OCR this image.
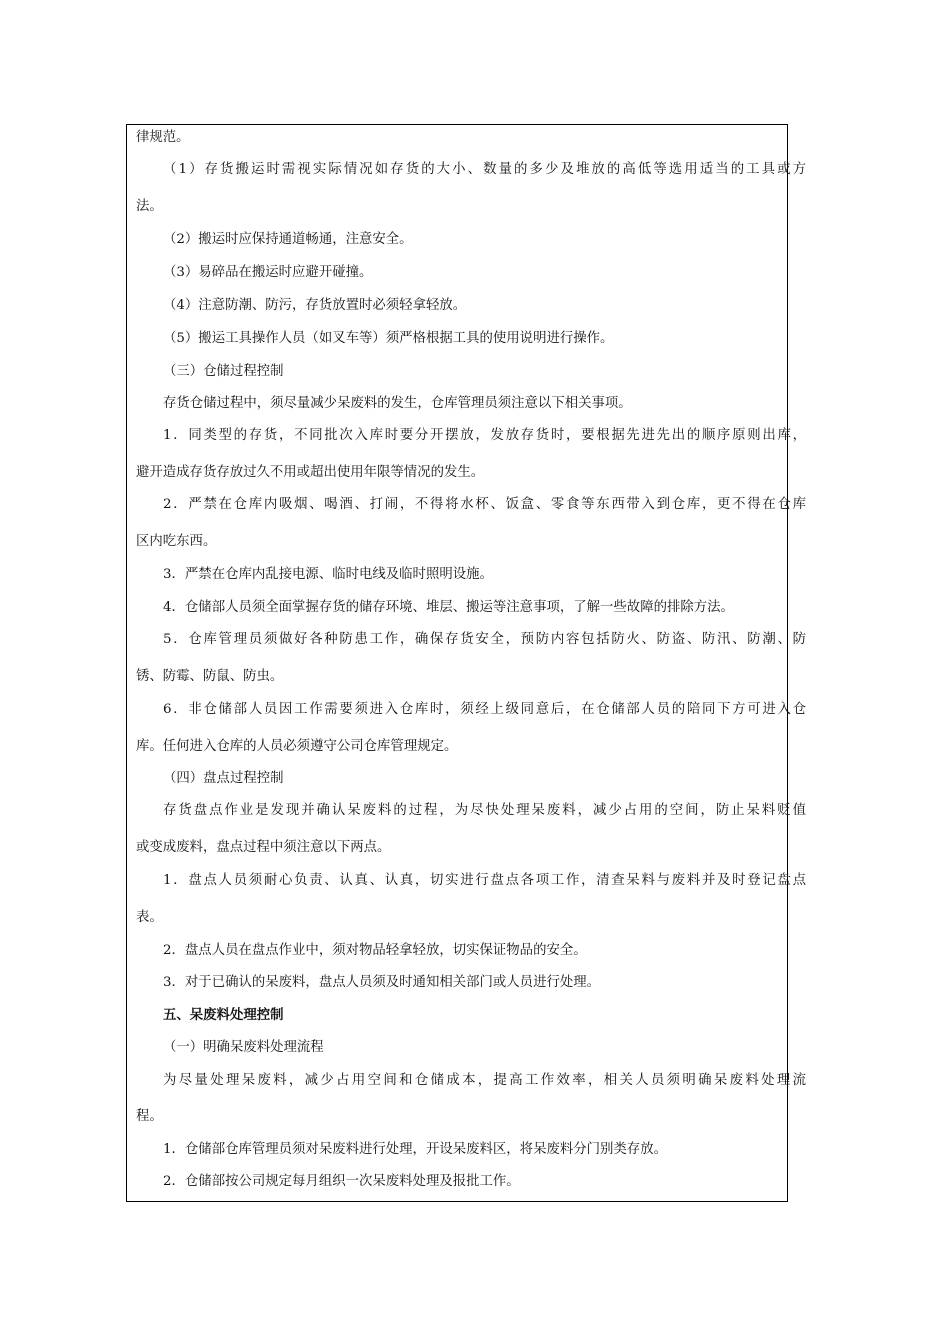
律规范。
（1）存货搬运时需视实际情况如存货的大小、数量的多少及堆放的高低等选用适当的工具或方
法。
（2）搬运时应保持通道畅通，注意安全。
（3）易碎品在搬运时应避开碰撞。
（4）注意防潮、防污，存货放置时必须轻拿轻放。
（5）搬运工具操作人员（如叉车等）须严格根据工具的使用说明进行操作。
（三）仓储过程控制
存货仓储过程中，须尽量减少呆废料的发生，仓库管理员须注意以下相关事项。
1．同类型的存货，不同批次入库时要分开摆放，发放存货时，要根据先进先出的顺序原则出库，
避开造成存货存放过久不用或超出使用年限等情况的发生。
2．严禁在仓库内吸烟、喝酒、打闹，不得将水杯、饭盒、零食等东西带入到仓库，更不得在仓库
区内吃东西。
3．严禁在仓库内乱接电源、临时电线及临时照明设施。
4．仓储部人员须全面掌握存货的储存环境、堆层、搬运等注意事项，了解一些故障的排除方法。
5．仓库管理员须做好各种防患工作，确保存货安全，预防内容包括防火、防盗、防汛、防潮、防
锈、防霉、防鼠、防虫。
6．非仓储部人员因工作需要须进入仓库时，须经上级同意后，在仓储部人员的陪同下方可进入仓
库。任何进入仓库的人员必须遵守公司仓库管理规定。
（四）盘点过程控制
存货盘点作业是发现并确认呆废料的过程，为尽快处理呆废料，减少占用的空间，防止呆料贬值
或变成废料，盘点过程中须注意以下两点。
1．盘点人员须耐心负责、认真、认真，切实进行盘点各项工作，清查呆料与废料并及时登记盘点
表。
2．盘点人员在盘点作业中，须对物品轻拿轻放，切实保证物品的安全。
3．对于已确认的呆废料，盘点人员须及时通知相关部门或人员进行处理。
五、呆废料处理控制
（一）明确呆废料处理流程
为尽量处理呆废料，减少占用空间和仓储成本，提高工作效率，相关人员须明确呆废料处理流
程。
1．仓储部仓库管理员须对呆废料进行处理，开设呆废料区，将呆废料分门别类存放。
2．仓储部按公司规定每月组织一次呆废料处理及报批工作。
